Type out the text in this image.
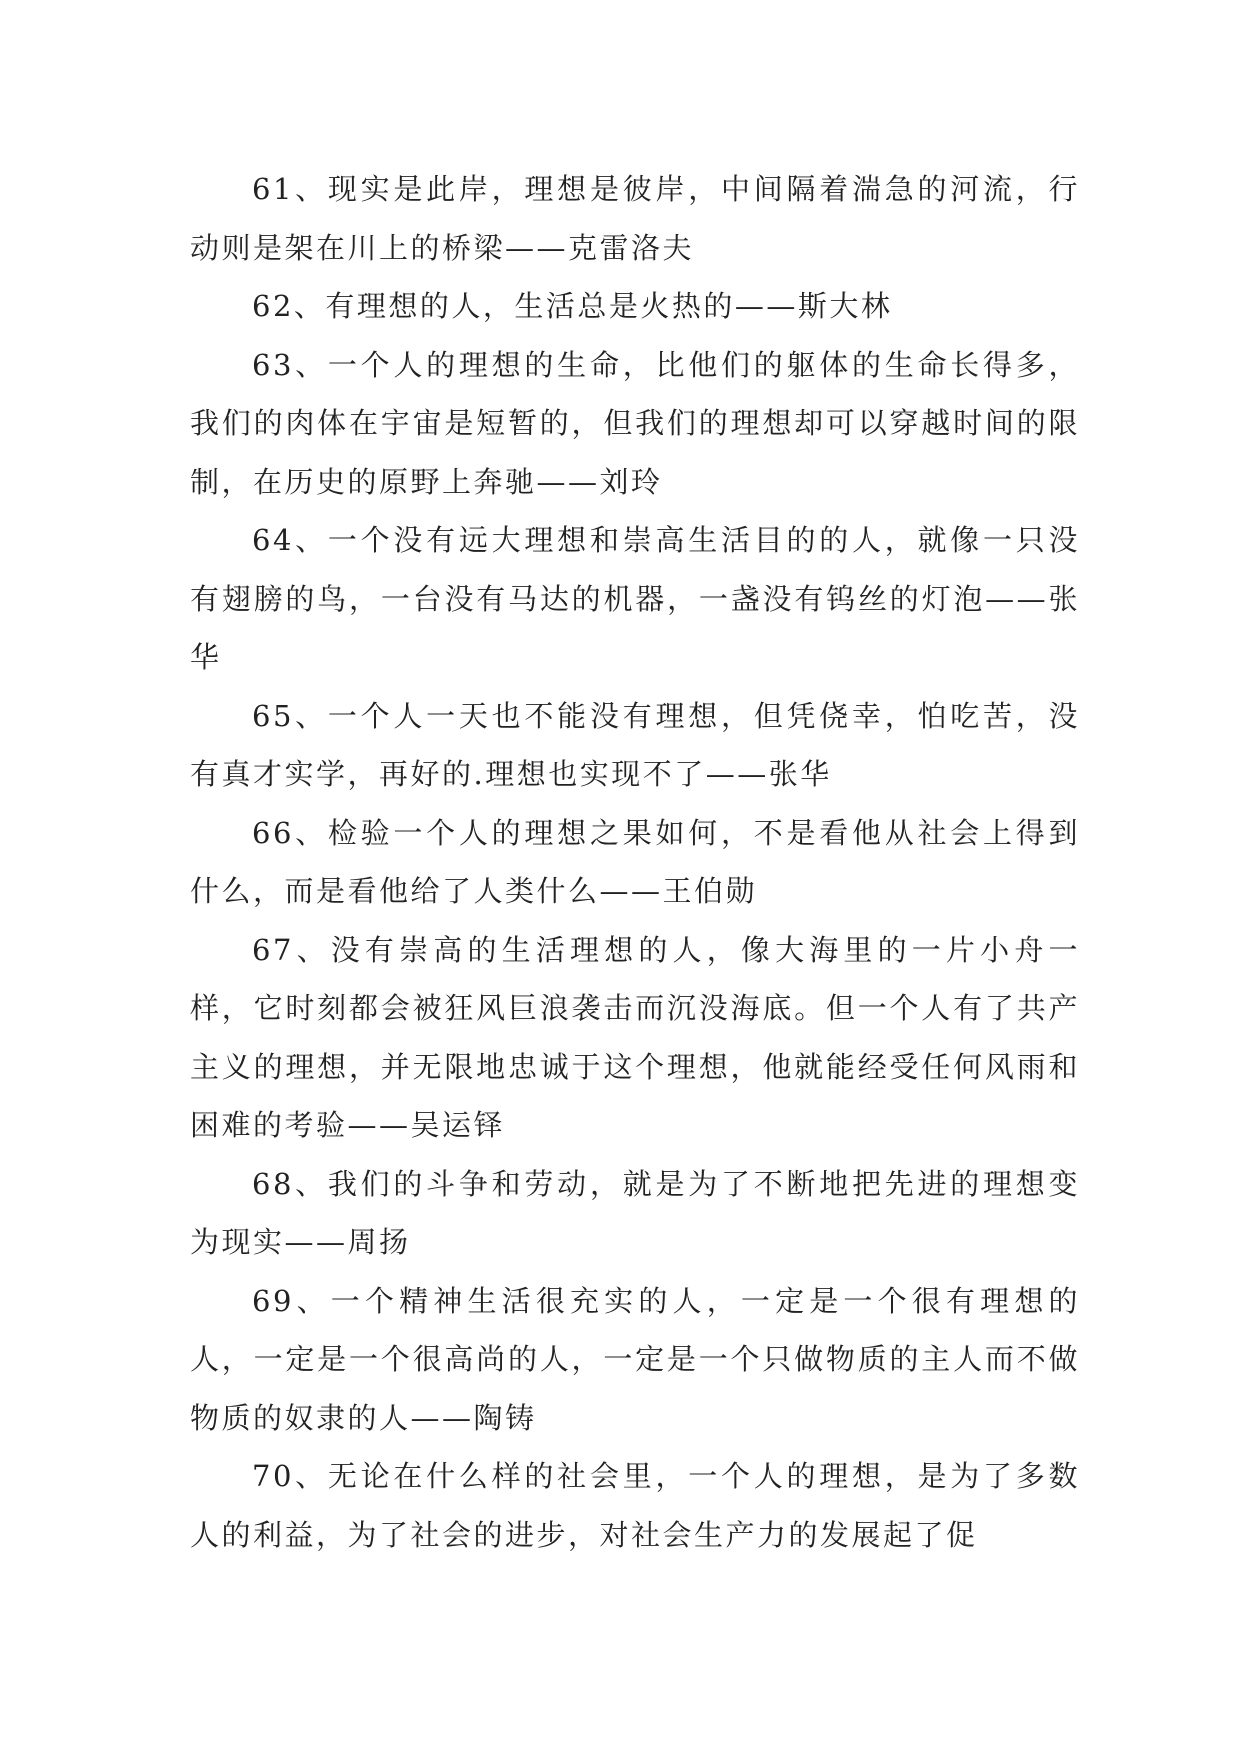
61、现实是此岸，理想是彼岸，中间隔着湍急的河流，行动则是架在川上的桥梁——克雷洛夫

62、有理想的人，生活总是火热的——斯大林

63、一个人的理想的生命，比他们的躯体的生命长得多，我们的肉体在宇宙是短暂的，但我们的理想却可以穿越时间的限制，在历史的原野上奔驰——刘玲

64、一个没有远大理想和崇高生活目的的人，就像一只没有翅膀的鸟，一台没有马达的机器，一盏没有钨丝的灯泡——张华

65、一个人一天也不能没有理想，但凭侥幸，怕吃苦，没有真才实学，再好的.理想也实现不了——张华

66、检验一个人的理想之果如何，不是看他从社会上得到什么，而是看他给了人类什么——王伯勋

67、没有崇高的生活理想的人，像大海里的一片小舟一样，它时刻都会被狂风巨浪袭击而沉没海底。但一个人有了共产主义的理想，并无限地忠诚于这个理想，他就能经受任何风雨和困难的考验——吴运铎

68、我们的斗争和劳动，就是为了不断地把先进的理想变为现实——周扬

69、一个精神生活很充实的人，一定是一个很有理想的人，一定是一个很高尚的人，一定是一个只做物质的主人而不做物质的奴隶的人——陶铸

70、无论在什么样的社会里，一个人的理想，是为了多数人的利益，为了社会的进步，对社会生产力的发展起了促
